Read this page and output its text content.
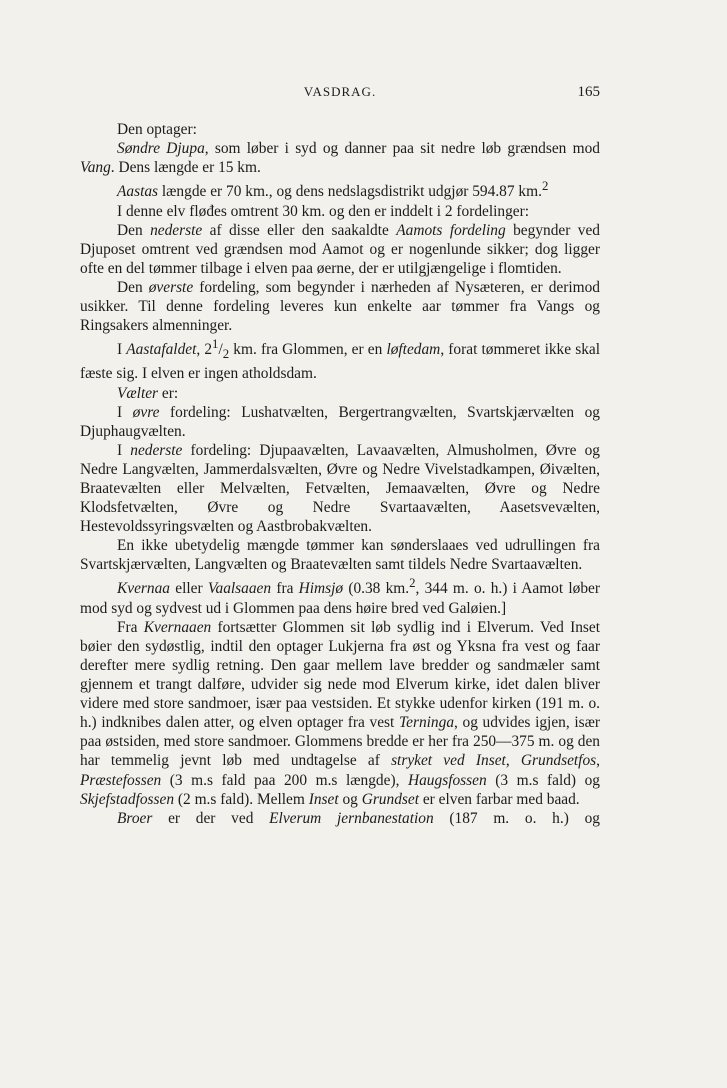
VASDRAG.	165

Den optager:

Søndre Djupa, som løber i syd og danner paa sit nedre løb grændsen mod Vang. Dens længde er 15 km.

Aastas længde er 70 km., og dens nedslagsdistrikt udgjør 594.87 km.$^2$

I denne elv fløđes omtrent 30 km. og den er inddelt i 2 fordelinger:

Den nederste af disse eller den saakaldte Aamots fordeling begynder ved Djuposet omtrent ved grændsen mod Aamot og er nogenlunde sikker; dog ligger ofte en del tømmer tilbage i elven paa øerne, der er utilgjængelige i flomtiden.

Den øverste fordeling, som begynder i nærheden af Nysæteren, er derimod usikker. Til denne fordeling leveres kun enkelte aar tømmer fra Vangs og Ringsakers almenninger.

I Aastafaldet, $2^1/_2$ km. fra Glommen, er en løftedam, forat tømmeret ikke skal fæste sig. I elven er ingen atholdsdam.

Vælter er:

I øvre fordeling: Lushatvælten, Bergertrangvælten, Svartskjærvælten og Djuphaugvælten.

I nederste fordeling: Djupaavælten, Lavaavælten, Almusholmen, Øvre og Nedre Langvælten, Jammerdalsvælten, Øvre og Nedre Vivelstadkampen, Øivælten, Braatevælten eller Melvælten, Fetvælten, Jemaavælten, Øvre og Nedre Klodsfetvælten, Øvre og Nedre Svartaavælten, Aasetsvevælten, Hestevoldssyringsvælten og Aastbrobakvælten.

En ikke ubetydelig mængde tømmer kan sønderslaaes ved udrullingen fra Svartskjærvælten, Langvælten og Braatevælten samt tildels Nedre Svartaavælten.

Kvernaa eller Vaalsaaen fra Himsjø (0.38 km.$^2$, 344 m. o. h.) i Aamot løber mod syd og sydvest ud i Glommen paa dens høire bred ved Galøien.]

Fra Kvernaaen fortsætter Glommen sit løb sydlig ind i Elverum. Ved Inset bøier den sydøstlig, indtil den optager Lukjerna fra øst og Yksna fra vest og faar derefter mere sydlig retning. Den gaar mellem lave bredder og sandmæler samt gjennem et trangt dalføre, udvider sig nede mod Elverum kirke, idet dalen bliver videre med store sandmoer, især paa vestsiden. Et stykke udenfor kirken (191 m. o. h.) indknibes dalen atter, og elven optager fra vest Terninga, og udvides igjen, især paa østsiden, med store sandmoer. Glommens bredde er her fra 250—375 m. og den har temmelig jevnt løb med undtagelse af stryket ved Inset, Grundsetfos, Præstefossen (3 m.s fald paa 200 m.s længde), Haugsfossen (3 m.s fald) og Skjefstadfossen (2 m.s fald). Mellem Inset og Grundset er elven farbar med baad.

Broer er der ved Elverum jernbanestation (187 m. o. h.) og
